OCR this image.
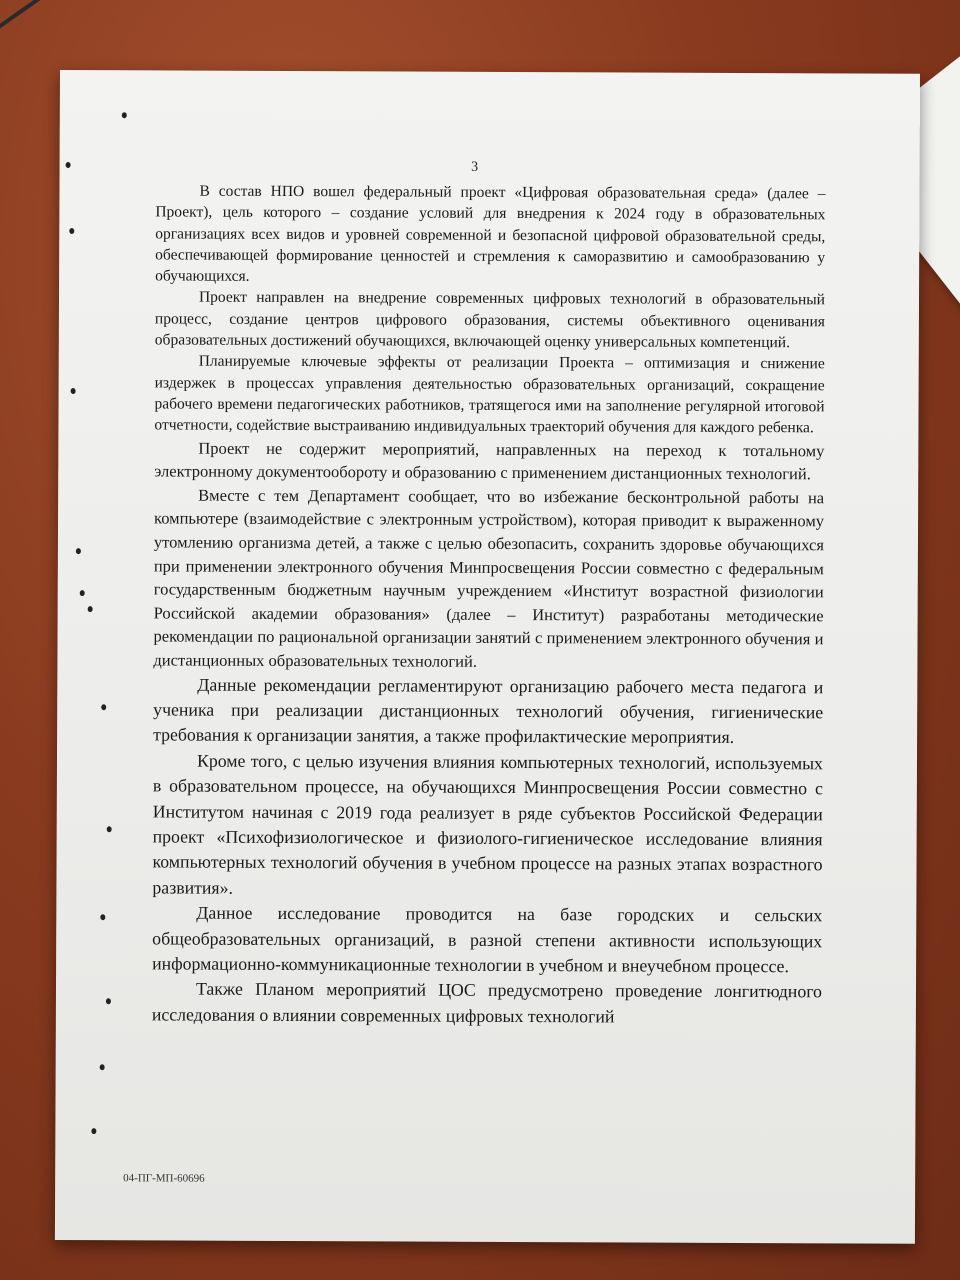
3

В состав НПО вошел федеральный проект «Цифровая образовательная среда» (далее – Проект), цель которого – создание условий для внедрения к 2024 году в образовательных организациях всех видов и уровней современной и безопасной цифровой образовательной среды, обеспечивающей формирование ценностей и стремления к саморазвитию и самообразованию у обучающихся.

Проект направлен на внедрение современных цифровых технологий в образовательный процесс, создание центров цифрового образования, системы объективного оценивания образовательных достижений обучающихся, включающей оценку универсальных компетенций.

Планируемые ключевые эффекты от реализации Проекта – оптимизация и снижение издержек в процессах управления деятельностью образовательных организаций, сокращение рабочего времени педагогических работников, тратящегося ими на заполнение регулярной итоговой отчетности, содействие выстраиванию индивидуальных траекторий обучения для каждого ребенка.

Проект не содержит мероприятий, направленных на переход к тотальному электронному документообороту и образованию с применением дистанционных технологий.

Вместе с тем Департамент сообщает, что во избежание бесконтрольной работы на компьютере (взаимодействие с электронным устройством), которая приводит к выраженному утомлению организма детей, а также с целью обезопасить, сохранить здоровье обучающихся при применении электронного обучения Минпросвещения России совместно с федеральным государственным бюджетным научным учреждением «Институт возрастной физиологии Российской академии образования» (далее – Институт) разработаны методические рекомендации по рациональной организации занятий с применением электронного обучения и дистанционных образовательных технологий.

Данные рекомендации регламентируют организацию рабочего места педагога и ученика при реализации дистанционных технологий обучения, гигиенические требования к организации занятия, а также профилактические мероприятия.

Кроме того, с целью изучения влияния компьютерных технологий, используемых в образовательном процессе, на обучающихся Минпросвещения России совместно с Институтом начиная с 2019 года реализует в ряде субъектов Российской Федерации проект «Психофизиологическое и физиолого-гигиеническое исследование влияния компьютерных технологий обучения в учебном процессе на разных этапах возрастного развития».

Данное исследование проводится на базе городских и сельских общеобразовательных организаций, в разной степени активности использующих информационно-коммуникационные технологии в учебном и внеучебном процессе.

Также Планом мероприятий ЦОС предусмотрено проведение лонгитюдного исследования о влиянии современных цифровых технологий

04-ПГ-МП-60696
